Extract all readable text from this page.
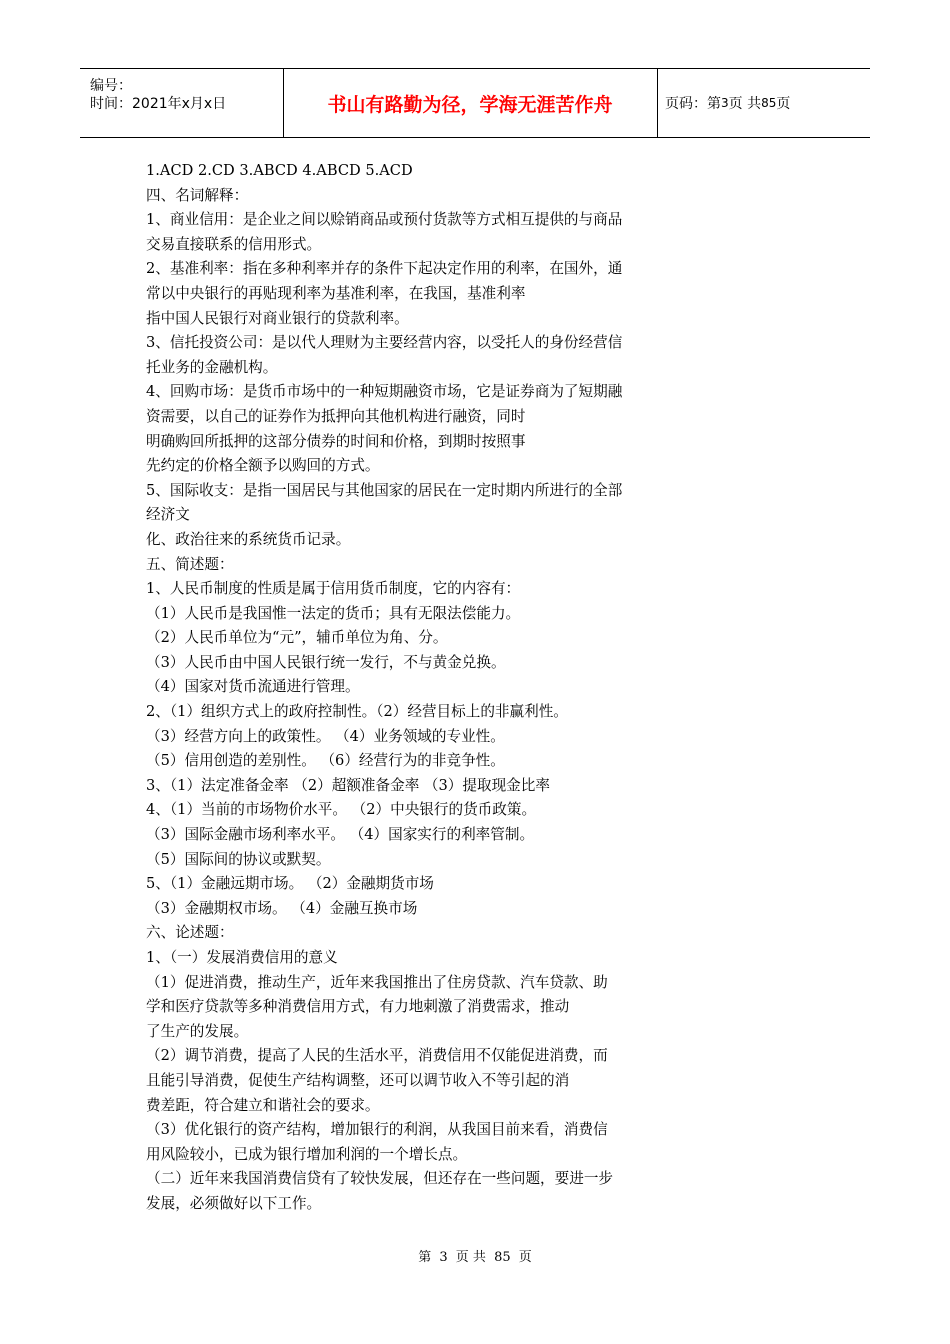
编号：
时间：2021年x月x日	书山有路勤为径，学海无涯苦作舟	页码：第 3 页 共 85 页
1.ACD 2.CD 3.ABCD 4.ABCD 5.ACD
四、名词解释：
1、商业信用：是企业之间以赊销商品或预付货款等方式相互提供的与商品
交易直接联系的信用形式。
2、基准利率：指在多种利率并存的条件下起决定作用的利率，在国外，通
常以中央银行的再贴现利率为基准利率，在我国，基准利率
指中国人民银行对商业银行的贷款利率。
3、信托投资公司：是以代人理财为主要经营内容，以受托人的身份经营信
托业务的金融机构。
4、回购市场：是货币市场中的一种短期融资市场，它是证券商为了短期融
资需要，以自己的证券作为抵押向其他机构进行融资，同时
明确购回所抵押的这部分债券的时间和价格，到期时按照事
先约定的价格全额予以购回的方式。
5、国际收支：是指一国居民与其他国家的居民在一定时期内所进行的全部
经济文
化、政治往来的系统货币记录。
五、简述题：
1、人民币制度的性质是属于信用货币制度，它的内容有：
（1）人民币是我国惟一法定的货币；具有无限法偿能力。
（2）人民币单位为“元”，辅币单位为角、分。
（3）人民币由中国人民银行统一发行，不与黄金兑换。
（4）国家对货币流通进行管理。
2、（1）组织方式上的政府控制性。（2）经营目标上的非赢利性。
（3）经营方向上的政策性。 （4）业务领域的专业性。
（5）信用创造的差别性。 （6）经营行为的非竞争性。
3、（1）法定准备金率 （2）超额准备金率 （3）提取现金比率
4、（1）当前的市场物价水平。 （2）中央银行的货币政策。
（3）国际金融市场利率水平。 （4）国家实行的利率管制。
（5）国际间的协议或默契。
5、（1）金融远期市场。 （2）金融期货市场
（3）金融期权市场。 （4）金融互换市场
六、论述题：
1、（一）发展消费信用的意义
（1）促进消费，推动生产，近年来我国推出了住房贷款、汽车贷款、助
学和医疗贷款等多种消费信用方式，有力地刺激了消费需求，推动
了生产的发展。
（2）调节消费，提高了人民的生活水平，消费信用不仅能促进消费，而
且能引导消费，促使生产结构调整，还可以调节收入不等引起的消
费差距，符合建立和谐社会的要求。
（3）优化银行的资产结构，增加银行的利润，从我国目前来看，消费信
用风险较小，已成为银行增加利润的一个增长点。
（二）近年来我国消费信贷有了较快发展，但还存在一些问题，要进一步
发展，必须做好以下工作。
第 3 页 共 85 页
